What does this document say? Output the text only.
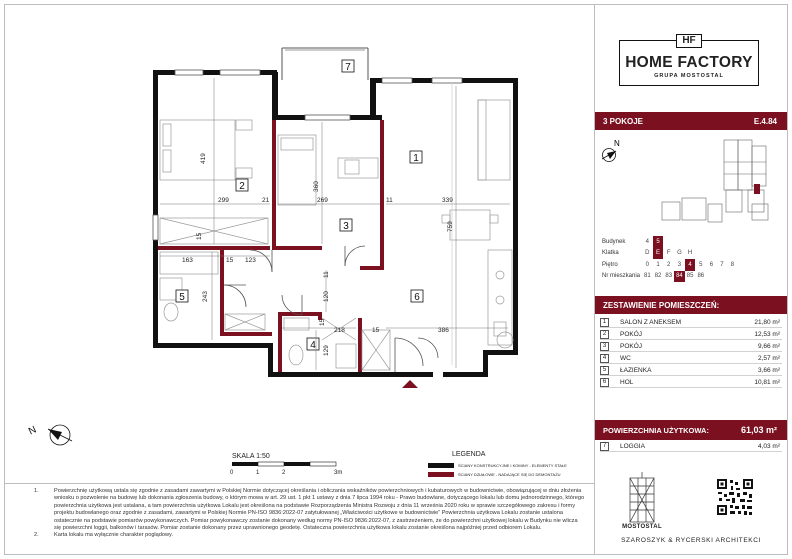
7
1
2
3
6
5
4
419
299	21
360
269	11	339
759
15
163	15 123
243
11
120
15
218	15	386
129
N
SKALA 1:50
0	1	2	3m
LEGENDA
ŚCIANY KONSTRUKCYJNE I KOMINY - ELEMENTY STAŁE
ŚCIANY DZIAŁOWE - NADAJĄCE SIĘ DO DEMONTAŻU
HF
HOME FACTORY
GRUPA MOSTOSTAL
3 POKOJE	E.4.84
N
Budynek	4	5							
Klatka	D	E	F	G	H				
Piętro	0	1	2	3	4	5	6	7	8
Nr mieszkania	81	82	83	84	85	86			
ZESTAWIENIE POMIESZCZEŃ:
1	SALON Z ANEKSEM	21,80 m²
2	POKÓJ	12,53 m²
3	POKÓJ	9,66 m²
4	WC	2,57 m²
5	ŁAZIENKA	3,66 m²
6	HOL	10,81 m²
POWIERZCHNIA UŻYTKOWA:	61,03 m²
7	LOGGIA	4,03 m²
MOSTOSTAL
SZAROSZYK & RYCERSKI ARCHITEKCI
1.	Powierzchnię użytkową ustala się zgodnie z zasadami zawartymi w Polskiej Normie dotyczącej określania i obliczania wskaźników powierzchniowych i kubaturowych w budownictwie, obowiązującej w dniu złożenia wniosku o pozwolenie na budowę lub dokonania zgłoszenia budowy, o którym mowa w art. 29 ust. 1 pkt 1 ustawy z dnia 7 lipca 1994 roku - Prawo budowlane, dotyczącego lokalu lub domu jednorodzinnego, którego powierzchnia użytkowa jest ustalana, a tam powierzchnia użytkowa Lokalu jest określona na podstawie Rozporządzenia Ministra Rozwoju z dnia 11 września 2020 roku w sprawie szczegółowego zakresu i formy projektu budowlanego oraz zgodnie z zasadami, zawartymi w Polskiej Normie PN-ISO 9836:2022-07 zatytułowanej „Właściwości użytkowe w budownictwie” Powierzchnia użytkowa Lokalu zostanie ustalona ostatecznie na podstawie pomiarów powykonawczych. Pomiar powykonawczy zostanie dokonany według normy PN-ISO 9836:2022-07, z zastrzeżeniem, że do powierzchni użytkowej lokalu w Budynku nie wlicza się powierzchni loggii, balkonów i tarasów. Pomiar zostanie dokonany przez uprawnionego geodetę. Ostateczna powierzchnia użytkowa lokalu zostanie określona najpóźniej przed odbiorem Lokalu.
2.	Karta lokalu ma wyłącznie charakter poglądowy.
